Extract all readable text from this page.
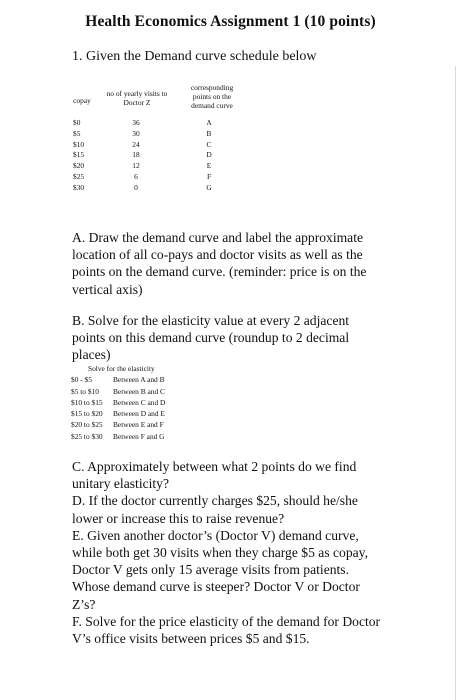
Health Economics Assignment 1 (10 points)
1. Given the Demand curve schedule below
copay
no of yearly visits to
Doctor Z
corresponding
points on the
demand curve
$0	36	A
$5	30	B
$10	24	C
$15	18	D
$20	12	E
$25	6	F
$30	0	G

A. Draw the demand curve and label the approximate location of all co-pays and doctor visits as well as the points on the demand curve. (reminder: price is on the vertical axis)

B. Solve for the elasticity value at every 2 adjacent points on this demand curve (roundup to 2 decimal places)

Solve for the elasticity
$0 - $5	Between A and B
$5 to $10	Between B and C
$10 to $15	Between C and D
$15 to $20	Between D and E
$20 to $25	Between E and F
$25 to $30	Between F and G

C. Approximately between what 2 points do we find unitary elasticity?

D. If the doctor currently charges $25, should he/she lower or increase this to raise revenue?

E. Given another doctor’s (Doctor V) demand curve, while both get 30 visits when they charge $5 as copay, Doctor V gets only 15 average visits from patients. Whose demand curve is steeper? Doctor V or Doctor Z’s?

F. Solve for the price elasticity of the demand for Doctor V’s office visits between prices $5 and $15.
